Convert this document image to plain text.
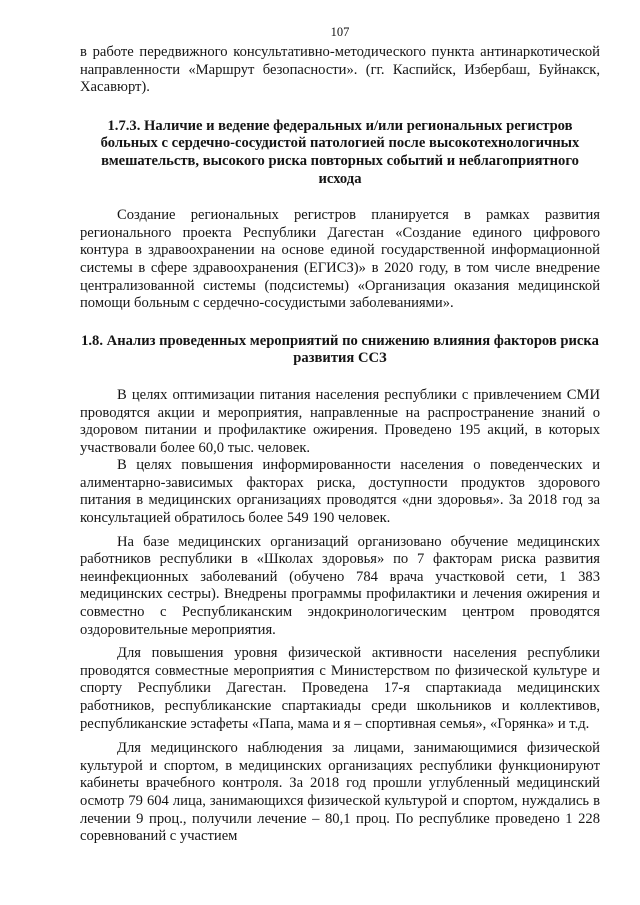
107

в работе передвижного консультативно-методического пункта антинаркотической направленности «Маршрут безопасности». (гг. Каспийск, Избербаш, Буйнакск, Хасавюрт).

1.7.3. Наличие и ведение федеральных и/или региональных регистров больных с сердечно-сосудистой патологией после высокотехнологичных вмешательств, высокого риска повторных событий и неблагоприятного исхода

Создание региональных регистров планируется в рамках развития регионального проекта Республики Дагестан «Создание единого цифрового контура в здравоохранении на основе единой государственной информационной системы в сфере здравоохранения (ЕГИСЗ)» в 2020 году, в том числе внедрение централизованной системы (подсистемы) «Организация оказания медицинской помощи больным с сердечно-сосудистыми заболеваниями».

1.8. Анализ проведенных мероприятий по снижению влияния факторов риска развития ССЗ

В целях оптимизации питания населения республики с привлечением СМИ проводятся акции и мероприятия, направленные на распространение знаний о здоровом питании и профилактике ожирения. Проведено 195 акций, в которых участвовали более 60,0 тыс. человек.

В целях повышения информированности населения о поведенческих и алиментарно-зависимых факторах риска, доступности продуктов здорового питания в медицинских организациях проводятся «дни здоровья». За 2018 год за консультацией обратилось более 549 190 человек.

На базе медицинских организаций организовано обучение медицинских работников республики в «Школах здоровья» по 7 факторам риска развития неинфекционных заболеваний (обучено 784 врача участковой сети, 1 383 медицинских сестры). Внедрены программы профилактики и лечения ожирения и совместно с Республиканским эндокринологическим центром проводятся оздоровительные мероприятия.

Для повышения уровня физической активности населения республики проводятся совместные мероприятия с Министерством по физической культуре и спорту Республики Дагестан. Проведена 17-я спартакиада медицинских работников, республиканские спартакиады среди школьников и коллективов, республиканские эстафеты «Папа, мама и я – спортивная семья», «Горянка» и т.д.

Для медицинского наблюдения за лицами, занимающимися физической культурой и спортом, в медицинских организациях республики функционируют кабинеты врачебного контроля. За 2018 год прошли углубленный медицинский осмотр 79 604 лица, занимающихся физической культурой и спортом, нуждались в лечении 9 проц., получили лечение – 80,1 проц. По республике проведено 1 228 соревнований с участием
